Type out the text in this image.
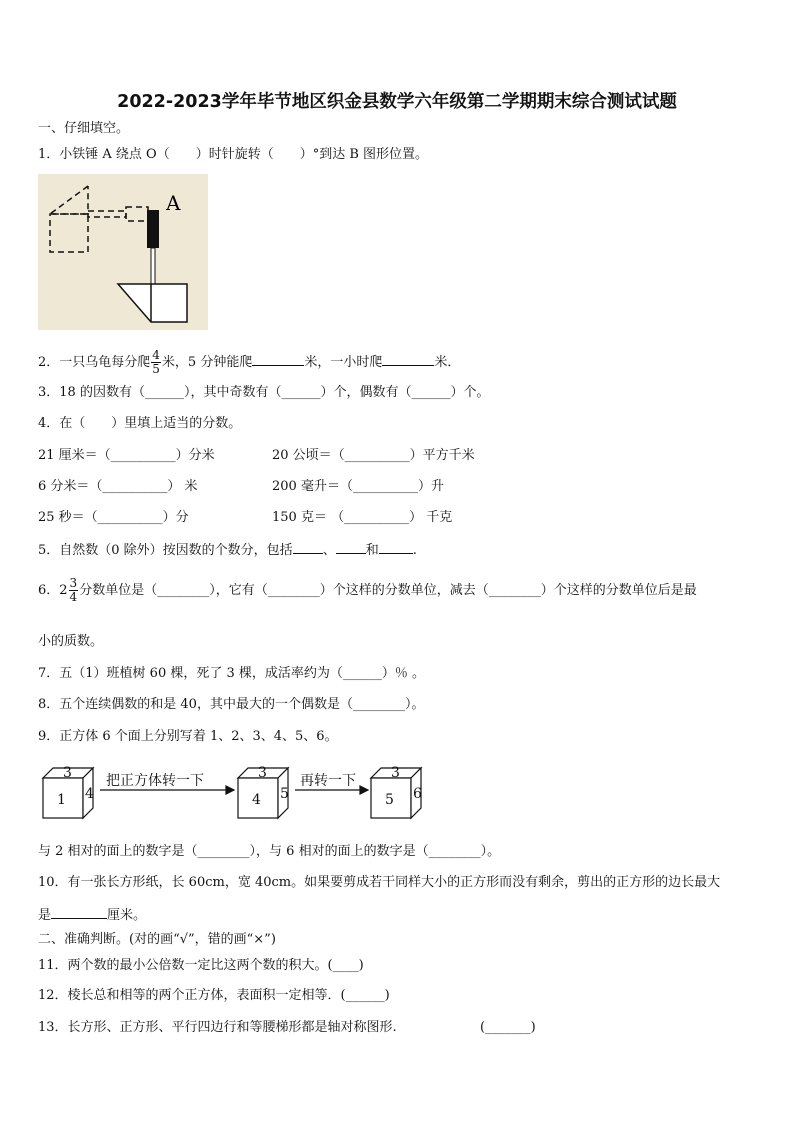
2022-2023学年毕节地区织金县数学六年级第二学期期末综合测试试题
一、仔细填空。
1．小铁锤 A 绕点 O（　　）时针旋转（　　）°到达 B 图形位置。
A
2．一只乌龟每分爬 $\frac{4}{5}$ 米，5 分钟能爬	米，一小时爬	米．
3．18 的因数有（______），其中奇数有（______）个，偶数有（______）个。
4．在（　　）里填上适当的分数。
21 厘米＝（__________）分米	20 公顷＝（__________）平方千米
6 分米＝（__________） 米	200 毫升＝（__________）升
25 秒＝（__________）分	150 克＝ （__________） 千克
5．自然数（0 除外）按因数的个数分，包括 、 和	.
6．$2 \frac{3}{4}$ 分数单位是（________），它有（________）个这样的分数单位，减去（________）个这样的分数单位后是最
小的质数。
7．五（1）班植树 60 棵，死了 3 棵，成活率约为（______）％ 。
8．五个连续偶数的和是 40，其中最大的一个偶数是（________）。
9．正方体 6 个面上分别写着 1、2、3、4、5、6。
3
1 4
把正方体转一下	3
4 5
再转一下	3
5 6
与 2 相对的面上的数字是（________），与 6 相对的面上的数字是（________）。
10．有一张长方形纸，长 60cm，宽 40cm。如果要剪成若干同样大小的正方形而没有剩余，剪出的正方形的边长最大
是	厘米。
二、准确判断。(对的画“√”，错的画“×”)
11．两个数的最小公倍数一定比这两个数的积大。(____)
12．棱长总和相等的两个正方体，表面积一定相等．(______)
13．长方形、正方形、平行四边行和等腰梯形都是轴对称图形.	(_______)
